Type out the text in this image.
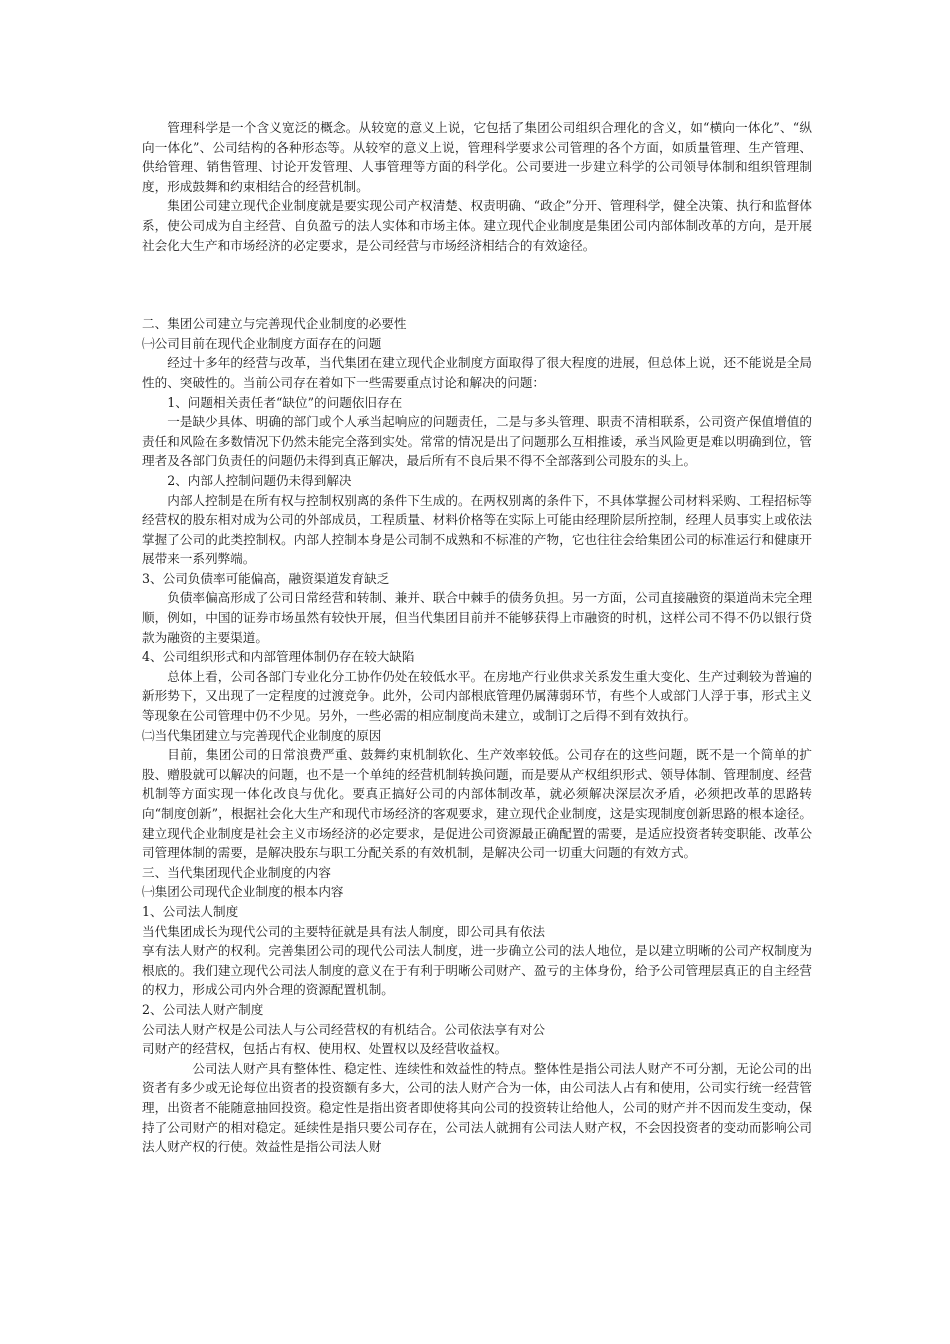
管理科学是一个含义宽泛的概念。从较宽的意义上说，它包括了集团公司组织合理化的含义，如“横向一体化”、“纵向一体化”、公司结构的各种形态等。从较窄的意义上说，管理科学要求公司管理的各个方面，如质量管理、生产管理、供给管理、销售管理、讨论开发管理、人事管理等方面的科学化。公司要进一步建立科学的公司领导体制和组织管理制度，形成鼓舞和约束相结合的经营机制。

集团公司建立现代企业制度就是要实现公司产权清楚、权责明确、“政企”分开、管理科学，健全决策、执行和监督体系，使公司成为自主经营、自负盈亏的法人实体和市场主体。建立现代企业制度是集团公司内部体制改革的方向，是开展社会化大生产和市场经济的必定要求，是公司经营与市场经济相结合的有效途径。

二、集团公司建立与完善现代企业制度的必要性

㈠公司目前在现代企业制度方面存在的问题

经过十多年的经营与改革，当代集团在建立现代企业制度方面取得了很大程度的进展，但总体上说，还不能说是全局性的、突破性的。当前公司存在着如下一些需要重点讨论和解决的问题：

1、问题相关责任者“缺位”的问题依旧存在

一是缺少具体、明确的部门或个人承当起响应的问题责任，二是与多头管理、职责不清相联系，公司资产保值增值的责任和风险在多数情况下仍然未能完全落到实处。常常的情况是出了问题那么互相推诿，承当风险更是难以明确到位，管理者及各部门负责任的问题仍未得到真正解决，最后所有不良后果不得不全部落到公司股东的头上。

2、内部人控制问题仍未得到解决

内部人控制是在所有权与控制权别离的条件下生成的。在两权别离的条件下，不具体掌握公司材料采购、工程招标等经营权的股东相对成为公司的外部成员，工程质量、材料价格等在实际上可能由经理阶层所控制，经理人员事实上或依法掌握了公司的此类控制权。内部人控制本身是公司制不成熟和不标准的产物，它也往往会给集团公司的标准运行和健康开展带来一系列弊端。

3、公司负债率可能偏高，融资渠道发育缺乏

负债率偏高形成了公司日常经营和转制、兼并、联合中棘手的债务负担。另一方面，公司直接融资的渠道尚未完全理顺，例如，中国的证券市场虽然有较快开展，但当代集团目前并不能够获得上市融资的时机，这样公司不得不仍以银行贷款为融资的主要渠道。

4、公司组织形式和内部管理体制仍存在较大缺陷

总体上看，公司各部门专业化分工协作仍处在较低水平。在房地产行业供求关系发生重大变化、生产过剩较为普遍的新形势下，又出现了一定程度的过渡竞争。此外，公司内部根底管理仍属薄弱环节，有些个人或部门人浮于事，形式主义等现象在公司管理中仍不少见。另外，一些必需的相应制度尚未建立，或制订之后得不到有效执行。

㈡当代集团建立与完善现代企业制度的原因

目前，集团公司的日常浪费严重、鼓舞约束机制软化、生产效率较低。公司存在的这些问题，既不是一个简单的扩股、赠股就可以解决的问题，也不是一个单纯的经营机制转换问题，而是要从产权组织形式、领导体制、管理制度、经营机制等方面实现一体化改良与优化。要真正搞好公司的内部体制改革，就必须解决深层次矛盾，必须把改革的思路转向“制度创新”，根据社会化大生产和现代市场经济的客观要求，建立现代企业制度，这是实现制度创新思路的根本途径。建立现代企业制度是社会主义市场经济的必定要求，是促进公司资源最正确配置的需要，是适应投资者转变职能、改革公司管理体制的需要，是解决股东与职工分配关系的有效机制，是解决公司一切重大问题的有效方式。

三、当代集团现代企业制度的内容

㈠集团公司现代企业制度的根本内容

1、公司法人制度

当代集团成长为现代公司的主要特征就是具有法人制度，即公司具有依法

享有法人财产的权利。完善集团公司的现代公司法人制度，进一步确立公司的法人地位，是以建立明晰的公司产权制度为根底的。我们建立现代公司法人制度的意义在于有利于明晰公司财产、盈亏的主体身份，给予公司管理层真正的自主经营的权力，形成公司内外合理的资源配置机制。

2、公司法人财产制度

公司法人财产权是公司法人与公司经营权的有机结合。公司依法享有对公

司财产的经营权，包括占有权、使用权、处置权以及经营收益权。

公司法人财产具有整体性、稳定性、连续性和效益性的特点。整体性是指公司法人财产不可分割，无论公司的出资者有多少或无论每位出资者的投资额有多大，公司的法人财产合为一体，由公司法人占有和使用，公司实行统一经营管理，出资者不能随意抽回投资。稳定性是指出资者即使将其向公司的投资转让给他人，公司的财产并不因而发生变动，保持了公司财产的相对稳定。延续性是指只要公司存在，公司法人就拥有公司法人财产权，不会因投资者的变动而影响公司法人财产权的行使。效益性是指公司法人财
